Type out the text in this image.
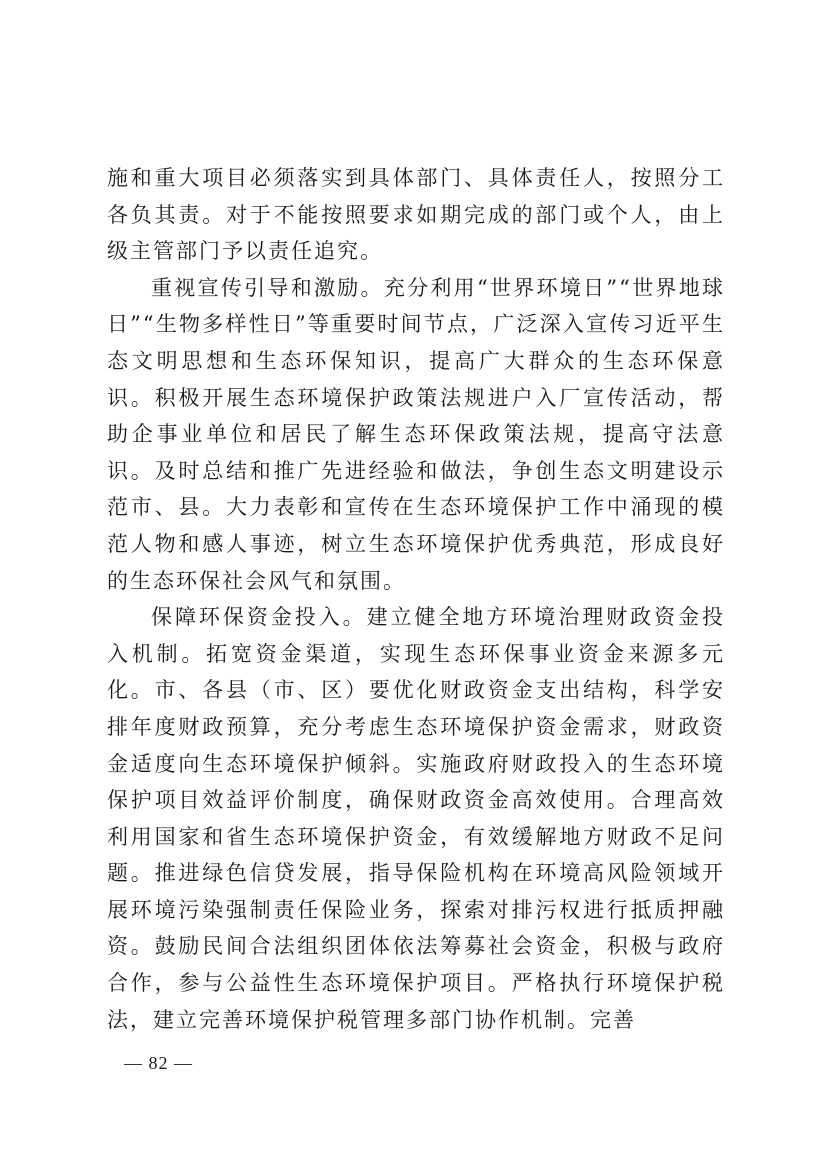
施和重大项目必须落实到具体部门、具体责任人，按照分工各负其责。对于不能按照要求如期完成的部门或个人，由上级主管部门予以责任追究。

重视宣传引导和激励。充分利用“世界环境日”“世界地球日”“生物多样性日”等重要时间节点，广泛深入宣传习近平生态文明思想和生态环保知识，提高广大群众的生态环保意识。积极开展生态环境保护政策法规进户入厂宣传活动，帮助企事业单位和居民了解生态环保政策法规，提高守法意识。及时总结和推广先进经验和做法，争创生态文明建设示范市、县。大力表彰和宣传在生态环境保护工作中涌现的模范人物和感人事迹，树立生态环境保护优秀典范，形成良好的生态环保社会风气和氛围。

保障环保资金投入。建立健全地方环境治理财政资金投入机制。拓宽资金渠道，实现生态环保事业资金来源多元化。市、各县（市、区）要优化财政资金支出结构，科学安排年度财政预算，充分考虑生态环境保护资金需求，财政资金适度向生态环境保护倾斜。实施政府财政投入的生态环境保护项目效益评价制度，确保财政资金高效使用。合理高效利用国家和省生态环境保护资金，有效缓解地方财政不足问题。推进绿色信贷发展，指导保险机构在环境高风险领域开展环境污染强制责任保险业务，探索对排污权进行抵质押融资。鼓励民间合法组织团体依法筹募社会资金，积极与政府合作，参与公益性生态环境保护项目。严格执行环境保护税法，建立完善环境保护税管理多部门协作机制。完善

— 82 —
